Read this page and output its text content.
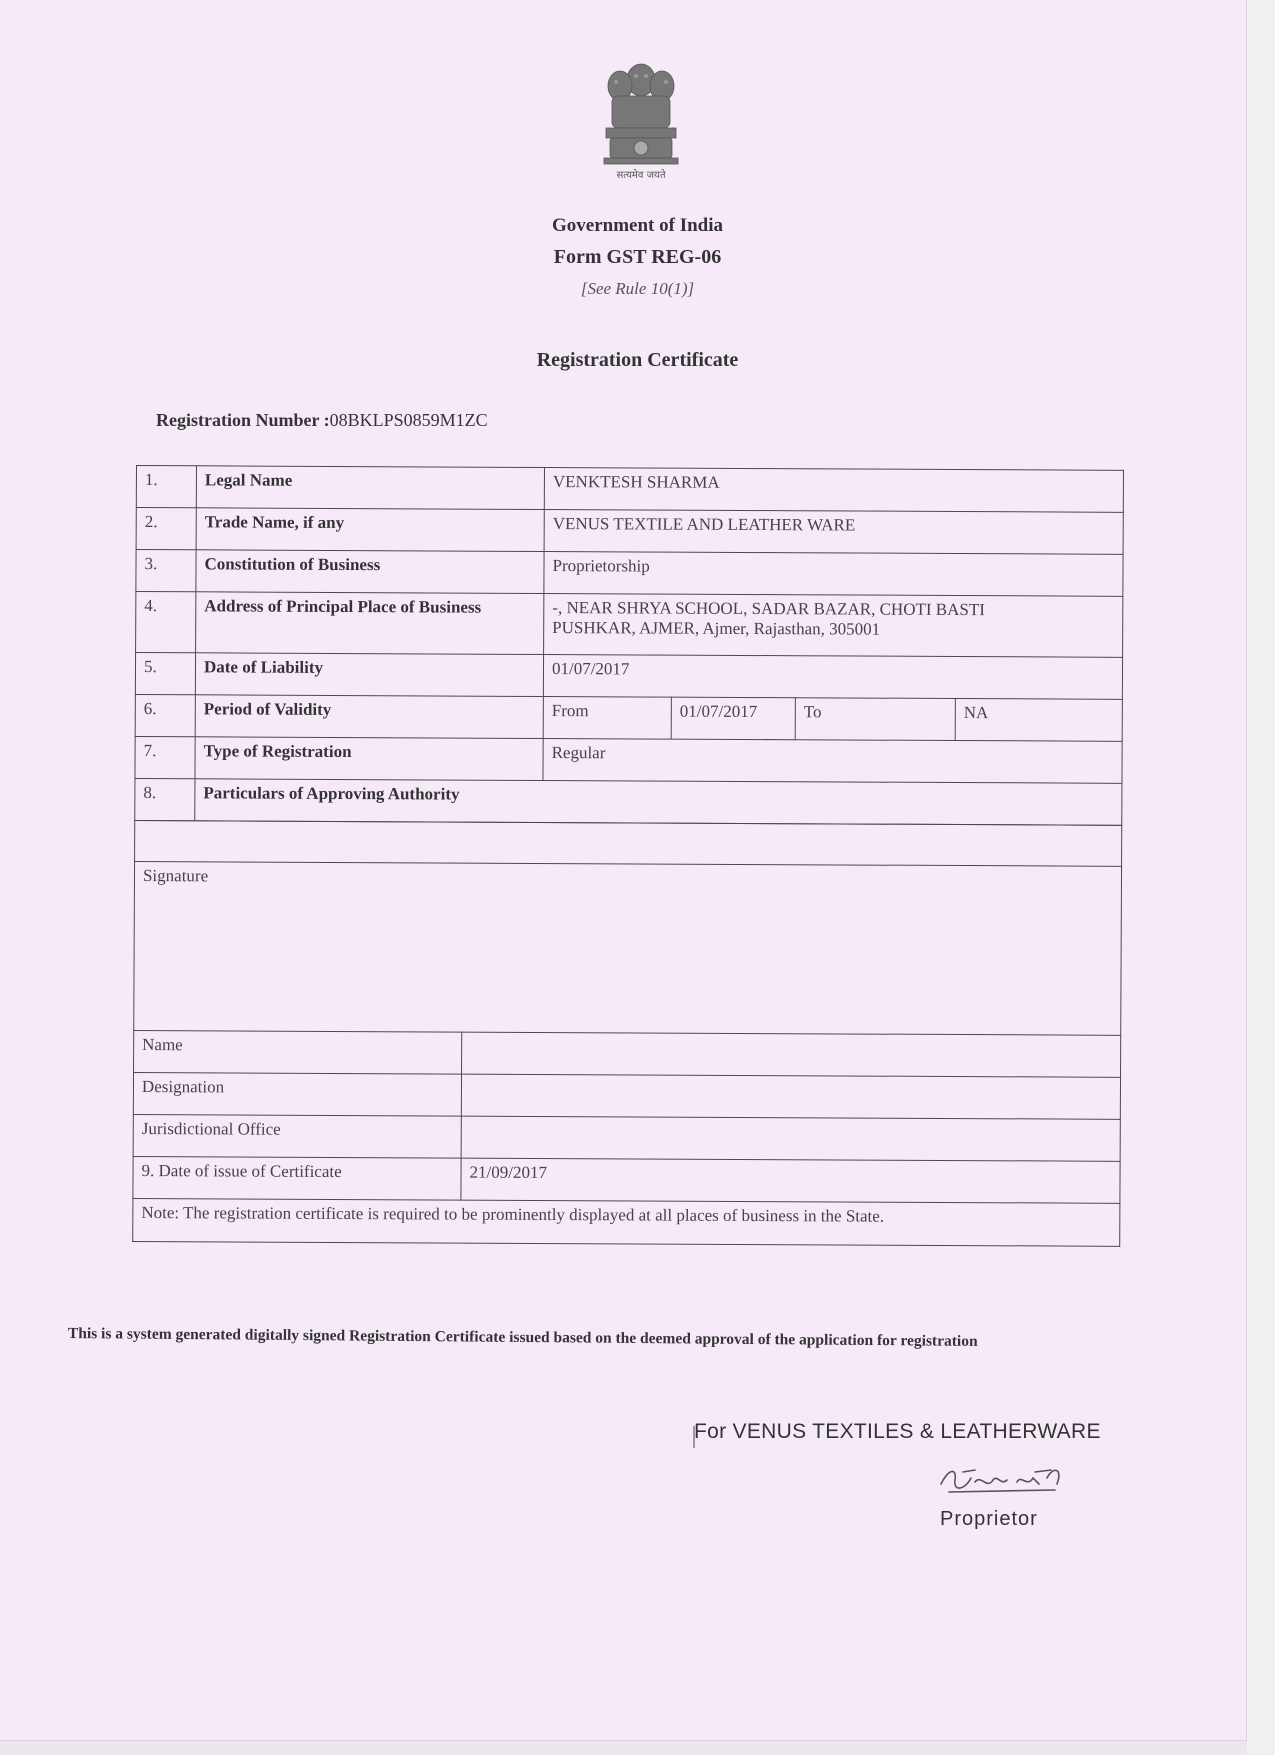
सत्यमेव जयते
Government of India
Form GST REG-06
[See Rule 10(1)]
Registration Certificate
Registration Number :08BKLPS0859M1ZC
1.	Legal Name	VENKTESH SHARMA			
2.	Trade Name, if any	VENUS TEXTILE AND LEATHER WARE			
3.	Constitution of Business	Proprietorship			
4.	Address of Principal Place of Business	-, NEAR SHRYA SCHOOL, SADAR BAZAR, CHOTI BASTI
PUSHKAR, AJMER, Ajmer, Rajasthan, 305001			

5.	Date of Liability	01/07/2017			
6.	Period of Validity	From	01/07/2017	To	NA
7.	Type of Registration	Regular			
8.	Particulars of Approving Authority				

Signature	
Name	
Designation	
Jurisdictional Office	
9. Date of issue of Certificate	21/09/2017
Note: The registration certificate is required to be prominently displayed at all places of business in the State.	
This is a system generated digitally signed Registration Certificate issued based on the deemed approval of the application for registration
For VENUS TEXTILES & LEATHERWARE
Proprietor
